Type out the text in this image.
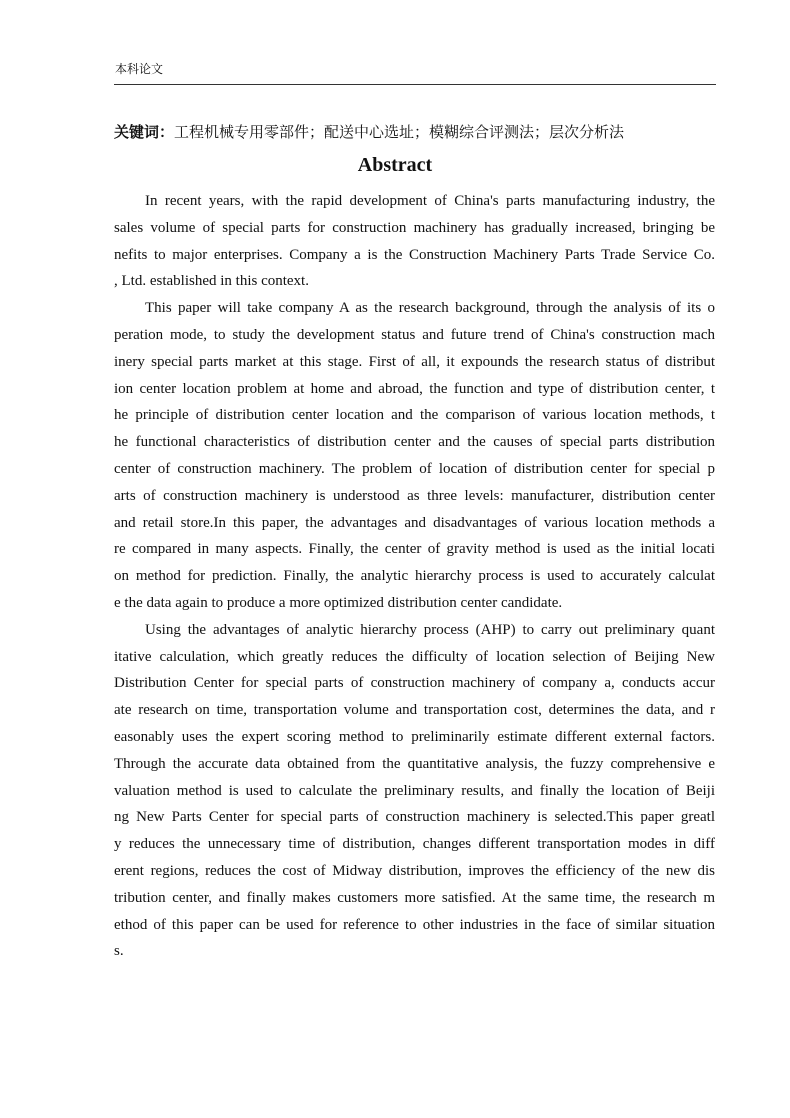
本科论文
关键词：工程机械专用零部件；配送中心选址；模糊综合评测法；层次分析法
Abstract
In recent years, with the rapid development of China's parts manufacturing industry, the
sales volume of special parts for construction machinery has gradually increased, bringing be
nefits to major enterprises. Company a is the Construction Machinery Parts Trade Service Co.
, Ltd. established in this context.
This paper will take company A as the research background, through the analysis of its o
peration mode, to study the development status and future trend of China's construction mach
inery special parts market at this stage. First of all, it expounds the research status of distribut
ion center location problem at home and abroad, the function and type of distribution center, t
he principle of distribution center location and the comparison of various location methods, t
he functional characteristics of distribution center and the causes of special parts distribution
center of construction machinery. The problem of location of distribution center for special p
arts of construction machinery is understood as three levels: manufacturer, distribution center
and retail store.In this paper, the advantages and disadvantages of various location methods a
re compared in many aspects. Finally, the center of gravity method is used as the initial locati
on method for prediction. Finally, the analytic hierarchy process is used to accurately calculat
e the data again to produce a more optimized distribution center candidate.
Using the advantages of analytic hierarchy process (AHP) to carry out preliminary quant
itative calculation, which greatly reduces the difficulty of location selection of Beijing New
Distribution Center for special parts of construction machinery of company a, conducts accur
ate research on time, transportation volume and transportation cost, determines the data, and r
easonably uses the expert scoring method to preliminarily estimate different external factors.
Through the accurate data obtained from the quantitative analysis, the fuzzy comprehensive e
valuation method is used to calculate the preliminary results, and finally the location of Beiji
ng New Parts Center for special parts of construction machinery is selected.This paper greatl
y reduces the unnecessary time of distribution, changes different transportation modes in diff
erent regions, reduces the cost of Midway distribution, improves the efficiency of the new dis
tribution center, and finally makes customers more satisfied. At the same time, the research m
ethod of this paper can be used for reference to other industries in the face of similar situation
s.
